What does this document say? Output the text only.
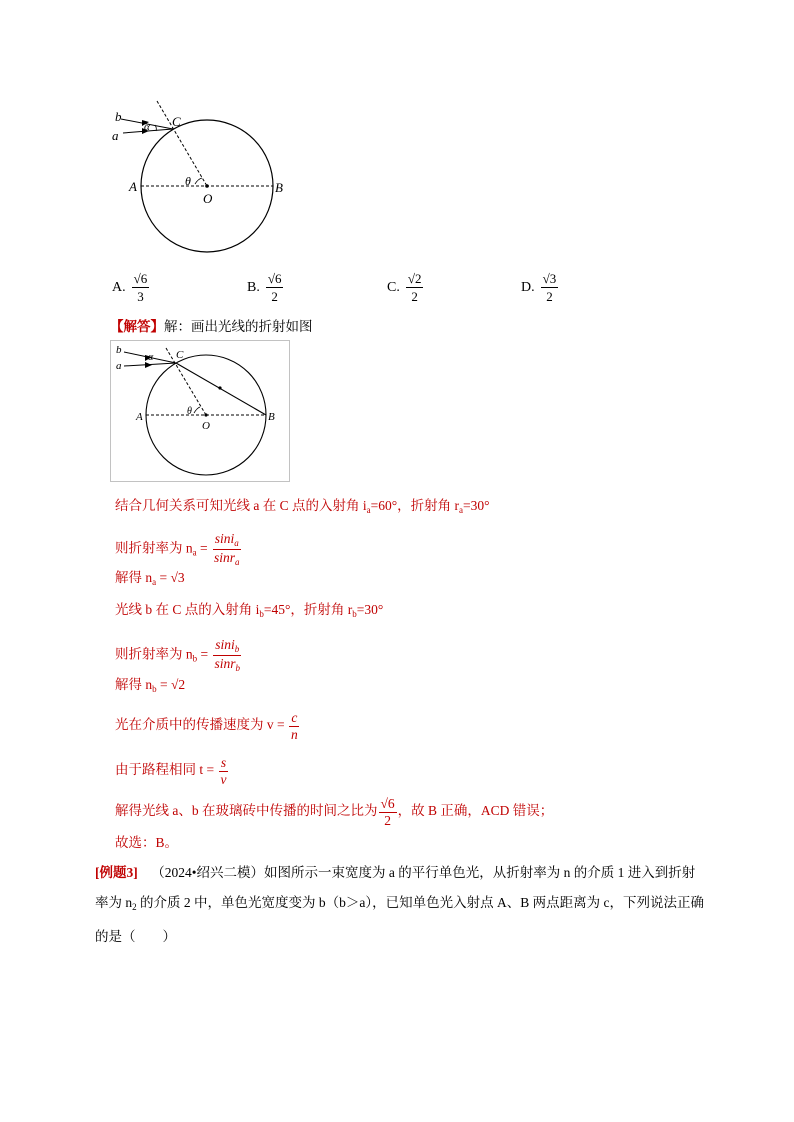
b
a
α C
A	B
O
θ
A. $\frac{√6}{3}$	B. $\frac{√6}{2}$	C. $\frac{√2}{2}$	D. $\frac{√3}{2}$
【解答】解：画出光线的折射如图
b
a
α C
A	B
O
θ
结合几何关系可知光线 a 在 C 点的入射角 $i_a=60^\circ$，折射角 $r_a=30^\circ$
则折射率为 $n_a = \frac{\sin i_a}{\sin r_a}$
解得 $n_a = √3$
光线 b 在 C 点的入射角 $i_b=45^\circ$，折射角 $r_b=30^\circ$
则折射率为 $n_b = \frac{\sin i_b}{\sin r_b}$
解得 $n_b = √2$
光在介质中的传播速度为 $v = \frac{c}{n}$
由于路程相同 $t = \frac{s}{v}$
解得光线 a、b 在玻璃砖中传播的时间之比为 $\frac{√6}{2}$ ，故 B 正确，ACD 错误；
故选：B。
[例题3] （2024•绍兴二模）如图所示一束宽度为 a 的平行单色光，从折射率为 n 的介质 1 进入到折射率为 $n_2$ 的介质 2 中，单色光宽度变为 b（b＞a），已知单色光入射点 A、B 两点距离为 c，下列说法正确的是（　　）
